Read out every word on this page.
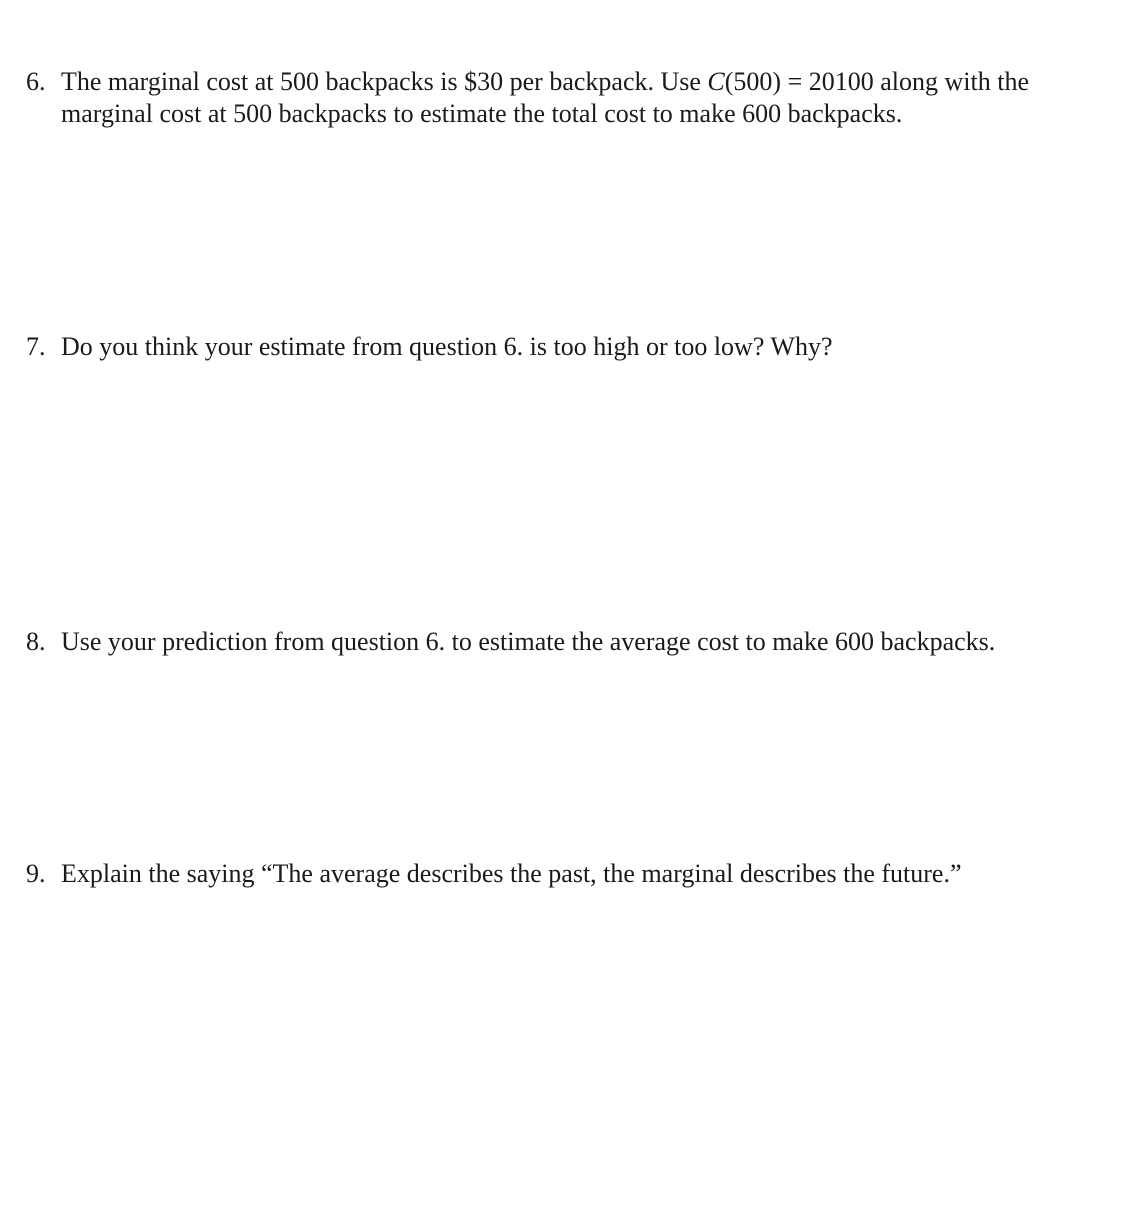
6. The marginal cost at 500 backpacks is $30 per backpack. Use C(500) = 20100 along with the marginal cost at 500 backpacks to estimate the total cost to make 600 backpacks.
7. Do you think your estimate from question 6. is too high or too low? Why?
8. Use your prediction from question 6. to estimate the average cost to make 600 backpacks.
9. Explain the saying “The average describes the past, the marginal describes the future.”
